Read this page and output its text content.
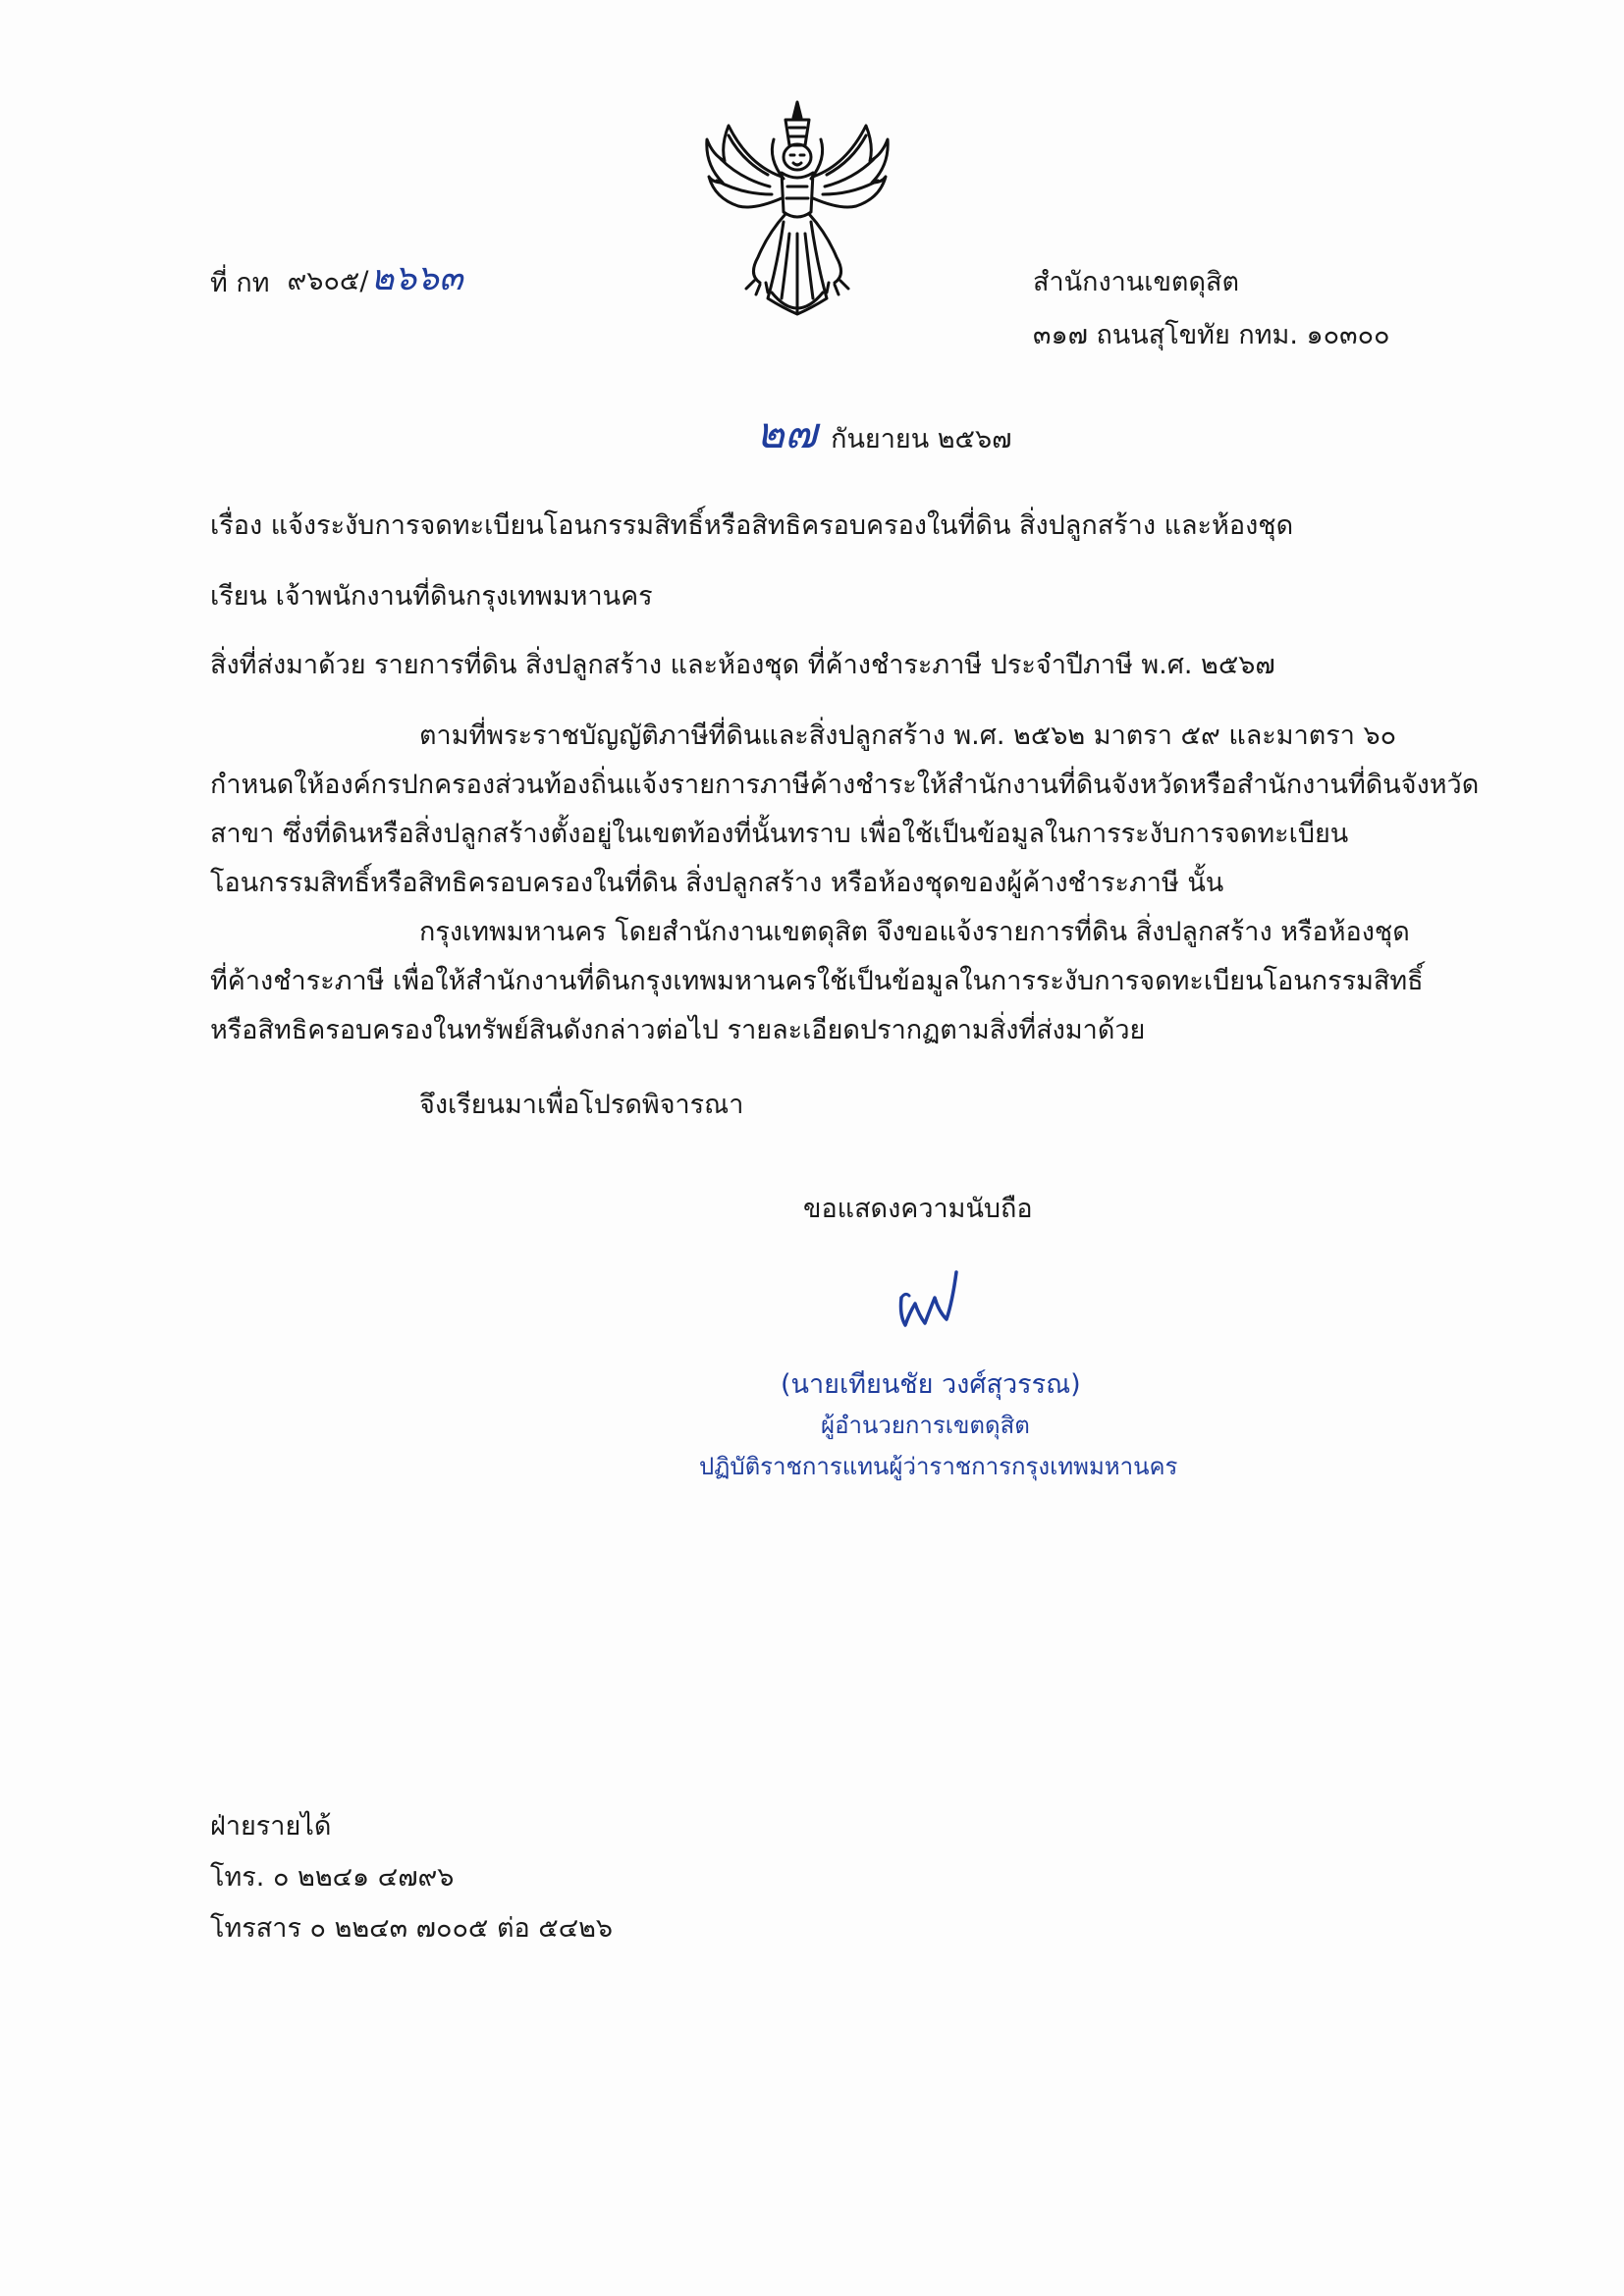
ที่ กท ๙๖๐๕/๒๖๖๓	สำนักงานเขตดุสิต
๓๑๗ ถนนสุโขทัย กทม. ๑๐๓๐๐
๒๗ กันยายน ๒๕๖๗
เรื่อง แจ้งระงับการจดทะเบียนโอนกรรมสิทธิ์หรือสิทธิครอบครองในที่ดิน สิ่งปลูกสร้าง และห้องชุด
เรียน เจ้าพนักงานที่ดินกรุงเทพมหานคร
สิ่งที่ส่งมาด้วย รายการที่ดิน สิ่งปลูกสร้าง และห้องชุด ที่ค้างชำระภาษี ประจำปีภาษี พ.ศ. ๒๕๖๗
ตามที่พระราชบัญญัติภาษีที่ดินและสิ่งปลูกสร้าง พ.ศ. ๒๕๖๒ มาตรา ๕๙ และมาตรา ๖๐
กำหนดให้องค์กรปกครองส่วนท้องถิ่นแจ้งรายการภาษีค้างชำระให้สำนักงานที่ดินจังหวัดหรือสำนักงานที่ดินจังหวัด
สาขา ซึ่งที่ดินหรือสิ่งปลูกสร้างตั้งอยู่ในเขตท้องที่นั้นทราบ เพื่อใช้เป็นข้อมูลในการระงับการจดทะเบียน
โอนกรรมสิทธิ์หรือสิทธิครอบครองในที่ดิน สิ่งปลูกสร้าง หรือห้องชุดของผู้ค้างชำระภาษี นั้น
กรุงเทพมหานคร โดยสำนักงานเขตดุสิต จึงขอแจ้งรายการที่ดิน สิ่งปลูกสร้าง หรือห้องชุด
ที่ค้างชำระภาษี เพื่อให้สำนักงานที่ดินกรุงเทพมหานครใช้เป็นข้อมูลในการระงับการจดทะเบียนโอนกรรมสิทธิ์
หรือสิทธิครอบครองในทรัพย์สินดังกล่าวต่อไป รายละเอียดปรากฏตามสิ่งที่ส่งมาด้วย
จึงเรียนมาเพื่อโปรดพิจารณา
ขอแสดงความนับถือ
(นายเทียนชัย วงศ์สุวรรณ)
ผู้อำนวยการเขตดุสิต
ปฏิบัติราชการแทนผู้ว่าราชการกรุงเทพมหานคร
ฝ่ายรายได้
โทร. ๐ ๒๒๔๑ ๔๗๙๖
โทรสาร ๐ ๒๒๔๓ ๗๐๐๕ ต่อ ๕๔๒๖
